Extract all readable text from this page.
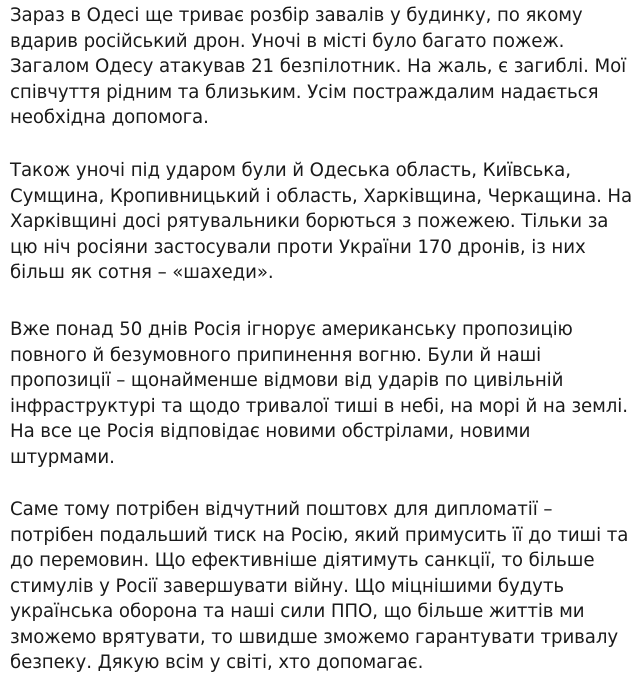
Зараз в Одесі ще триває розбір завалів у будинку, по якому
вдарив російський дрон. Уночі в місті було багато пожеж.
Загалом Одесу атакував 21 безпілотник. На жаль, є загиблі. Мої
співчуття рідним та близьким. Усім постраждалим надається
необхідна допомога.
Також уночі під ударом були й Одеська область, Київська,
Сумщина, Кропивницький і область, Харківщина, Черкащина. На
Харківщині досі рятувальники борються з пожежею. Тільки за
цю ніч росіяни застосували проти України 170 дронів, із них
більш як сотня – «шахеди».
Вже понад 50 днів Росія ігнорує американську пропозицію
повного й безумовного припинення вогню. Були й наші
пропозиції – щонайменше відмови від ударів по цивільній
інфраструктурі та щодо тривалої тиші в небі, на морі й на землі.
На все це Росія відповідає новими обстрілами, новими
штурмами.
Саме тому потрібен відчутний поштовх для дипломатії –
потрібен подальший тиск на Росію, який примусить її до тиші та
до перемовин. Що ефективніше діятимуть санкції, то більше
стимулів у Росії завершувати війну. Що міцнішими будуть
українська оборона та наші сили ППО, що більше життів ми
зможемо врятувати, то швидше зможемо гарантувати тривалу
безпеку. Дякую всім у світі, хто допомагає.
